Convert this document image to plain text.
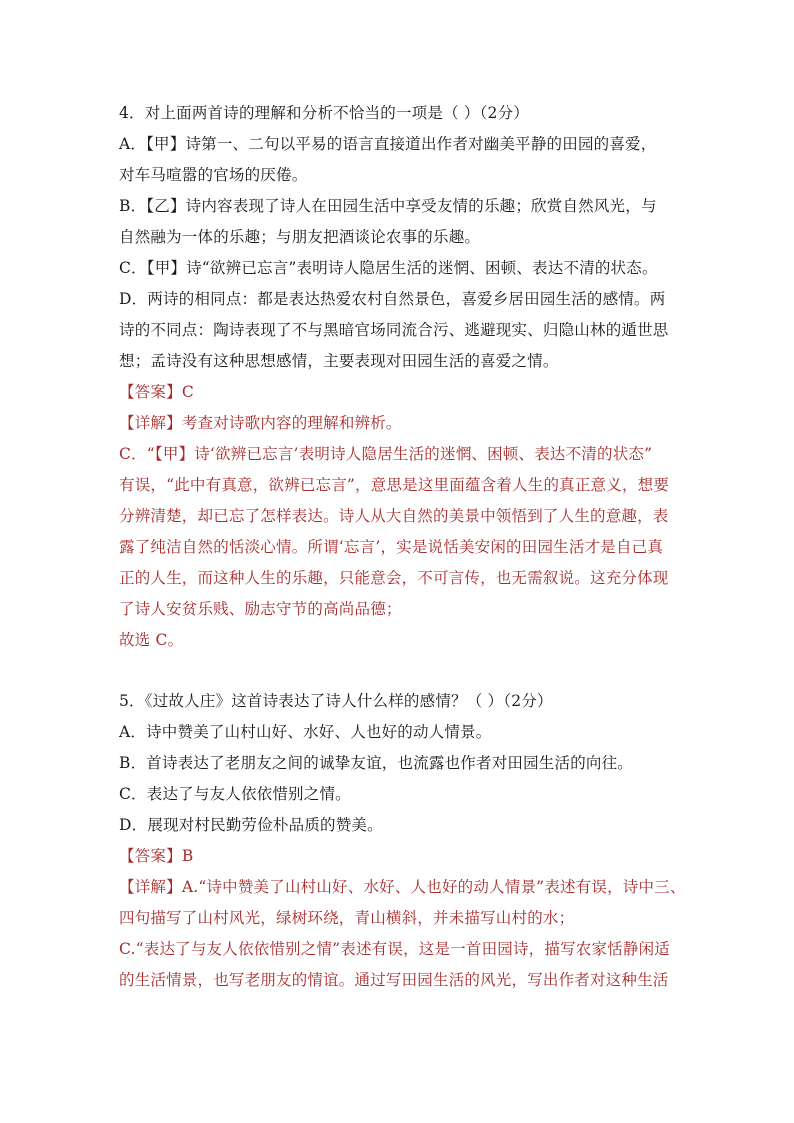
4．对上面两首诗的理解和分析不恰当的一项是（ ）（2分）
A．【甲】诗第一、二句以平易的语言直接道出作者对幽美平静的田园的喜爱，
对车马喧嚣的官场的厌倦。
B．【乙】诗内容表现了诗人在田园生活中享受友情的乐趣；欣赏自然风光，与
自然融为一体的乐趣；与朋友把酒谈论农事的乐趣。
C．【甲】诗“欲辨已忘言”表明诗人隐居生活的迷惘、困顿、表达不清的状态。
D．两诗的相同点：都是表达热爱农村自然景色，喜爱乡居田园生活的感情。两
诗的不同点：陶诗表现了不与黑暗官场同流合污、逃避现实、归隐山林的遁世思
想；孟诗没有这种思想感情，主要表现对田园生活的喜爱之情。
【答案】C
【详解】考查对诗歌内容的理解和辨析。
C．“【甲】诗‘欲辨已忘言’表明诗人隐居生活的迷惘、困顿、表达不清的状态”
有误，“此中有真意，欲辨已忘言”，意思是这里面蕴含着人生的真正意义，想要
分辨清楚，却已忘了怎样表达。诗人从大自然的美景中领悟到了人生的意趣，表
露了纯洁自然的恬淡心情。所谓‘忘言’，实是说恬美安闲的田园生活才是自己真
正的人生，而这种人生的乐趣，只能意会，不可言传，也无需叙说。这充分体现
了诗人安贫乐贱、励志守节的高尚品德；
故选 C。
5．《过故人庄》这首诗表达了诗人什么样的感情？（ ）（2分）
A．诗中赞美了山村山好、水好、人也好的动人情景。
B．首诗表达了老朋友之间的诚挚友谊，也流露也作者对田园生活的向往。
C．表达了与友人依依惜别之情。
D．展现对村民勤劳俭朴品质的赞美。
【答案】B
【详解】A.“诗中赞美了山村山好、水好、人也好的动人情景”表述有误，诗中三、
四句描写了山村风光，绿树环绕，青山横斜，并未描写山村的水；
C.“表达了与友人依依惜别之情”表述有误，这是一首田园诗，描写农家恬静闲适
的生活情景，也写老朋友的情谊。通过写田园生活的风光，写出作者对这种生活
